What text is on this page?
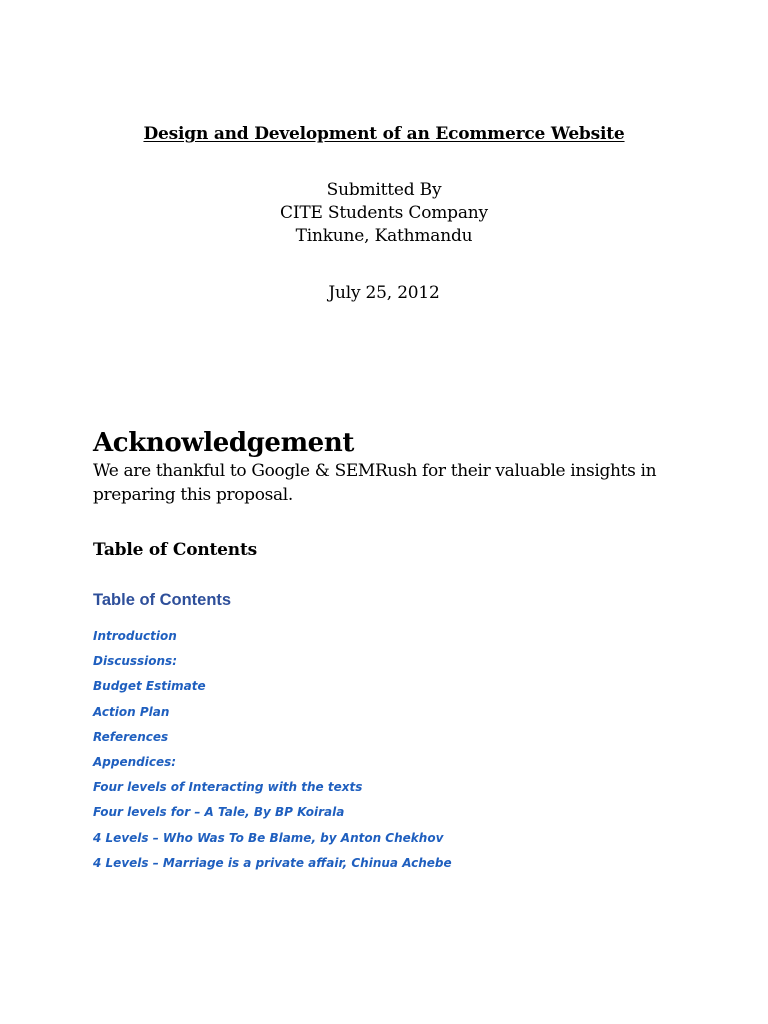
Design and Development of an Ecommerce Website
Submitted By
CITE Students Company
Tinkune, Kathmandu
July 25, 2012
Acknowledgement

We are thankful to Google & SEMRush for their valuable insights in preparing this proposal.

Table of Contents
Table of Contents
Introduction
Discussions:
Budget Estimate
Action Plan
References
Appendices:
Four levels of Interacting with the texts
Four levels for – A Tale, By BP Koirala
4 Levels – Who Was To Be Blame, by Anton Chekhov
4 Levels – Marriage is a private affair, Chinua Achebe
